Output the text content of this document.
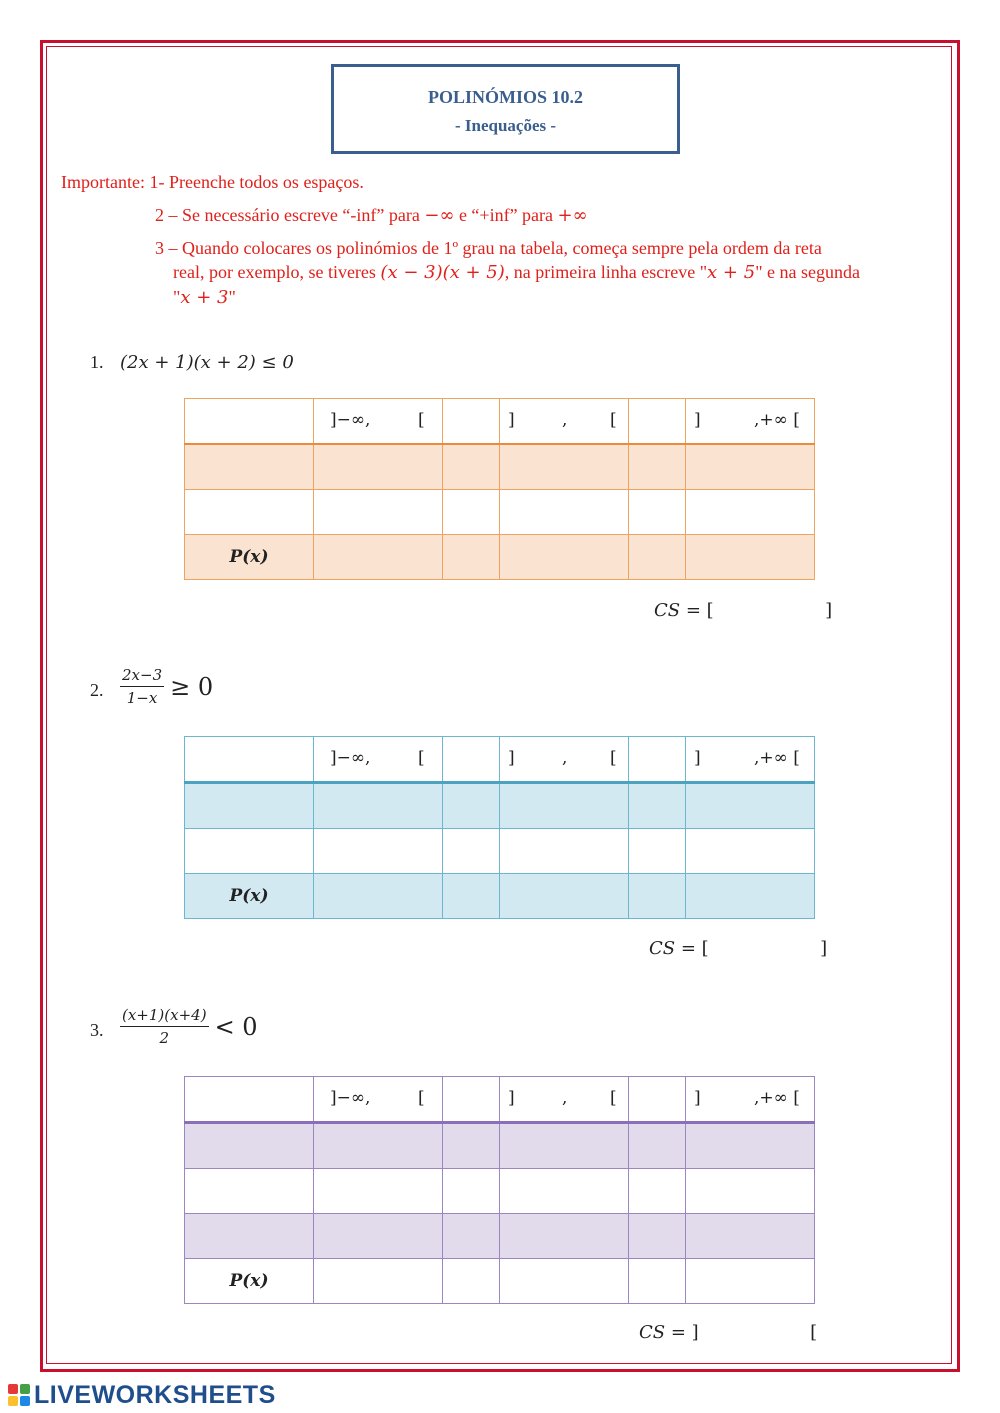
POLINÓMIOS 10.2
- Inequações -
Importante: 1- Preenche todos os espaços.
2 – Se necessário escreve “-inf” para −∞ e “+inf” para +∞
3 – Quando colocares os polinómios de 1º grau na tabela, começa sempre pela ordem da reta
real, por exemplo, se tiveres (x − 3)(x + 5), na primeira linha escreve "x + 5" e na segunda
"x + 3"
1. (2x + 1)(x + 2) ≤ 0

	]−∞, [		] , [		] ,+∞ [

P(x)					
CS = [	]
2. $\frac{2x-3}{1-x} \ge 0$

	]−∞, [		] , [		] ,+∞ [

P(x)					
CS = [	]
3. $\frac{(x+1)(x+4)}{2} < 0$

	]−∞, [		] , [		] ,+∞ [

P(x)					
CS = ]	[
LIVEWORKSHEETS
